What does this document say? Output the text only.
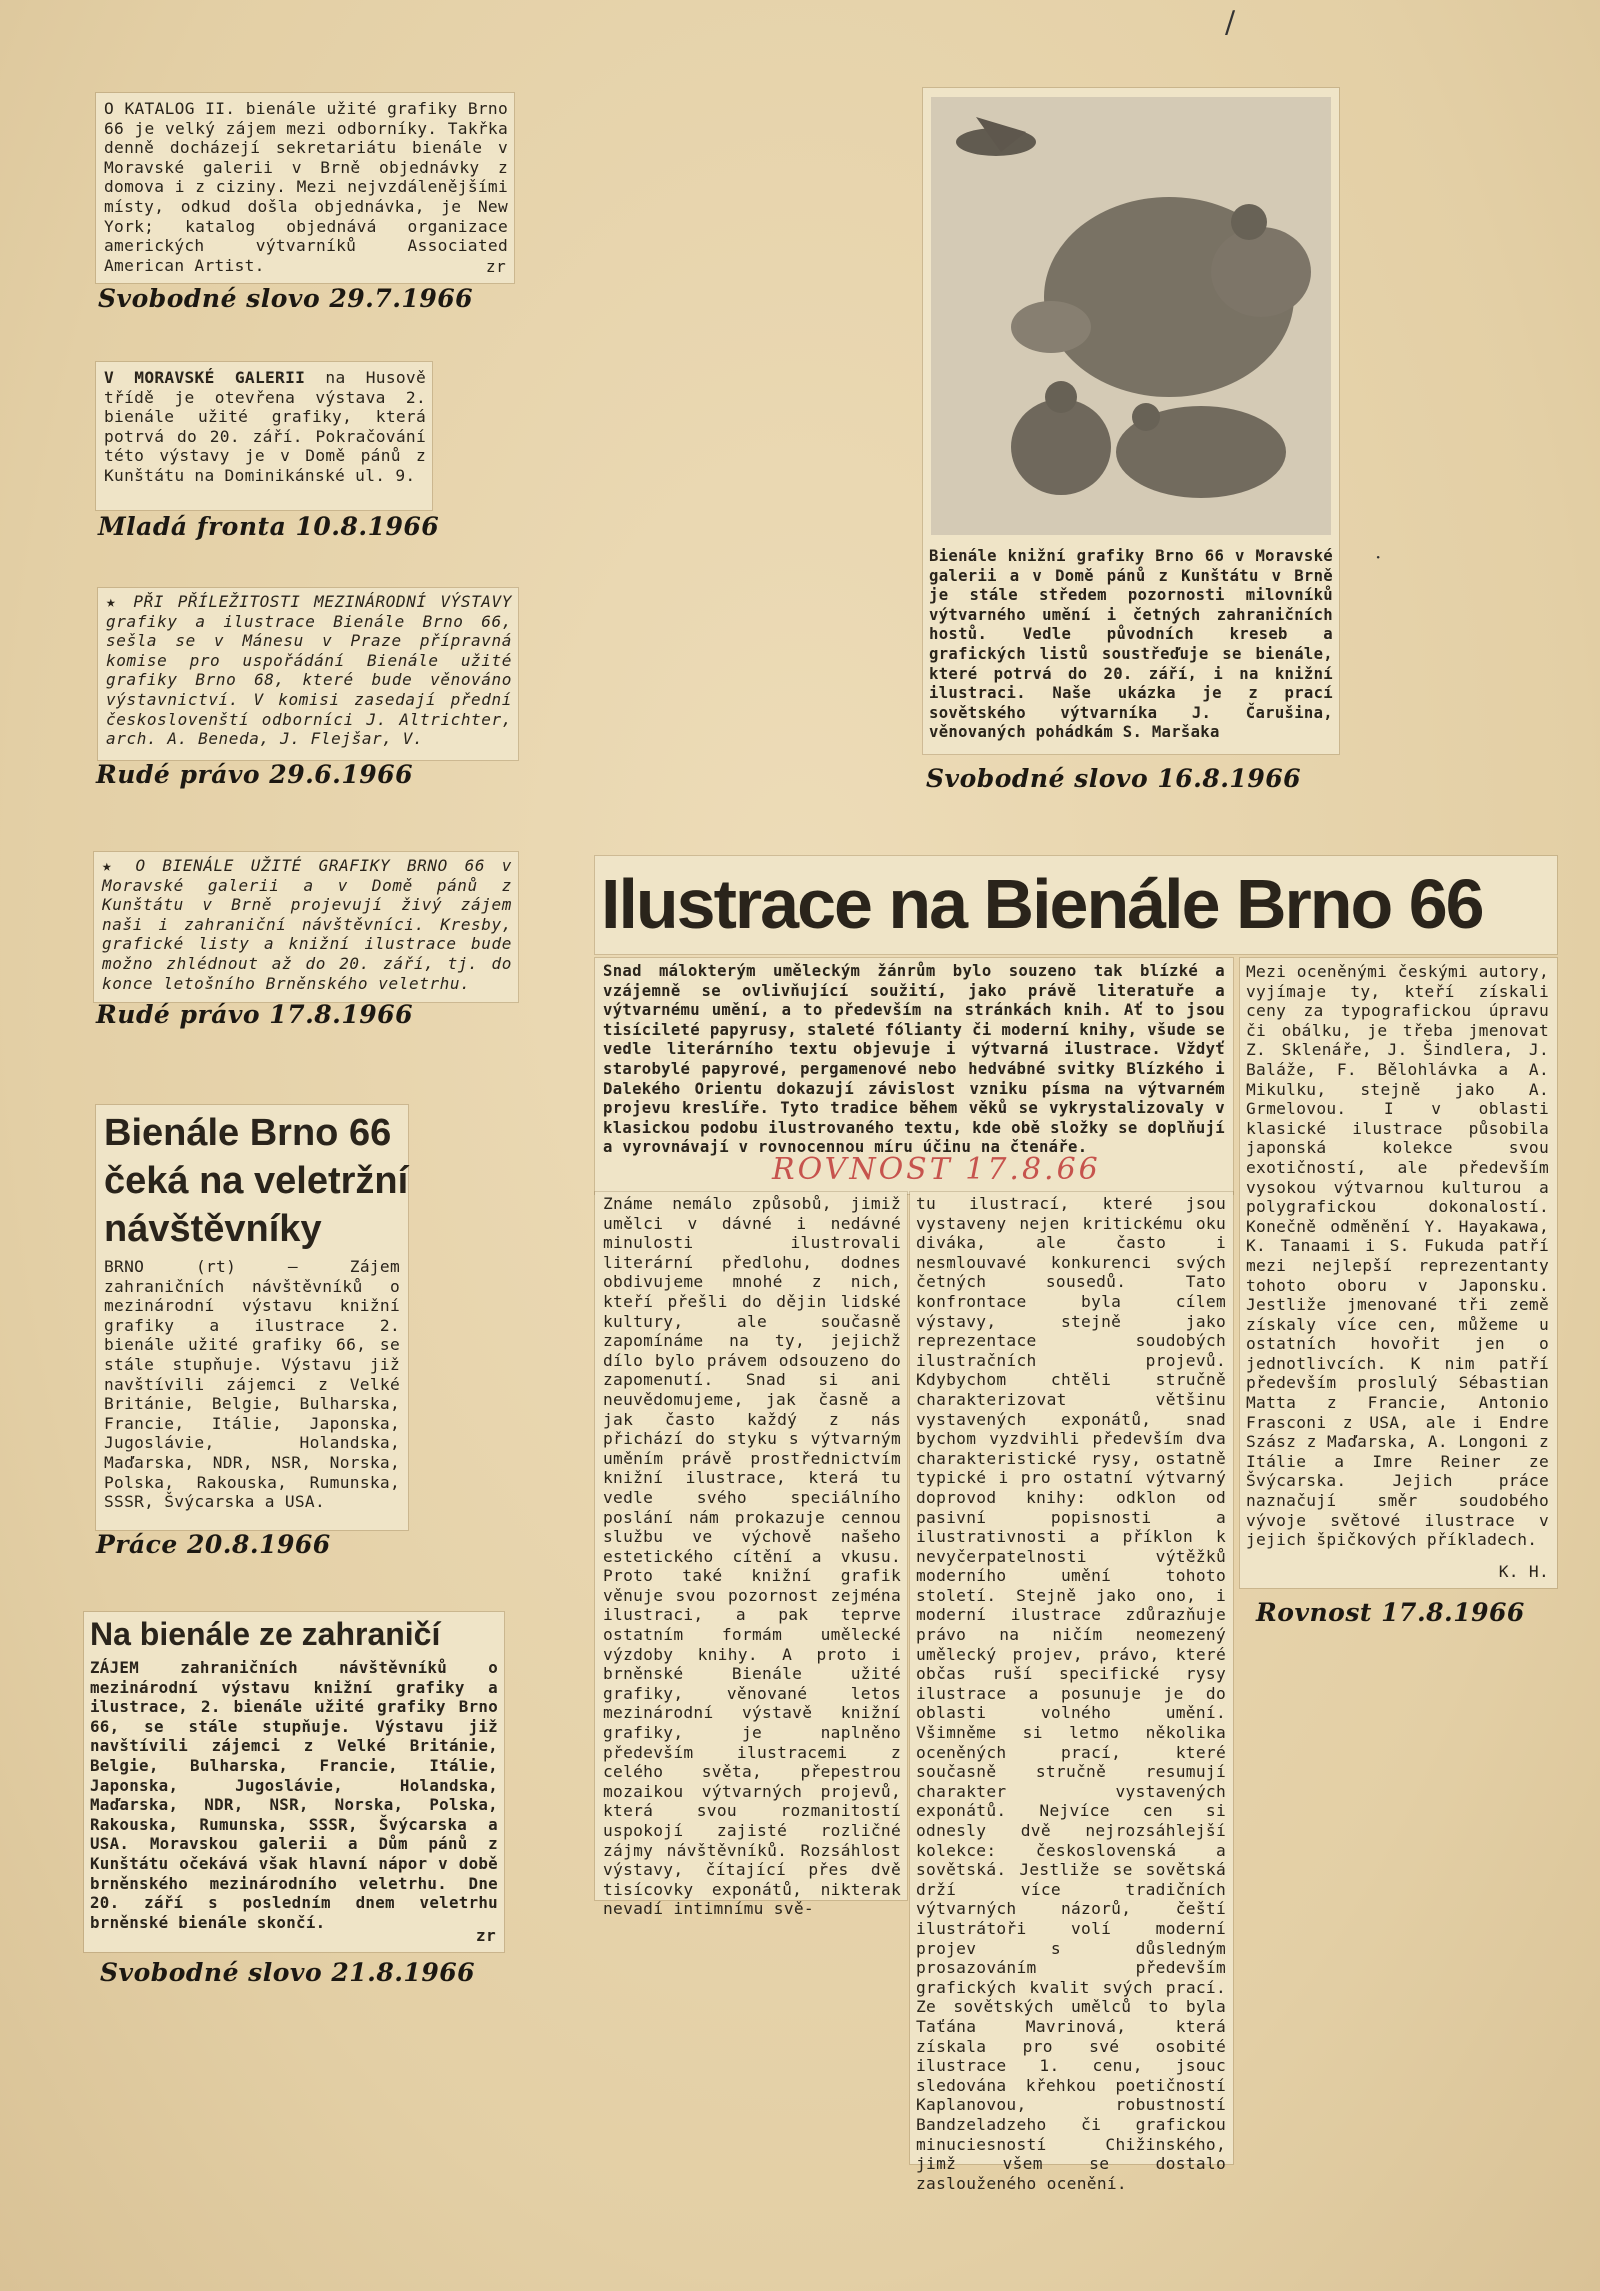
/

O KATALOG II. bienále užité grafiky Brno 66 je velký zájem mezi odborníky. Takřka denně docházejí sekretariátu bienále v Moravské galerii v Brně objednávky z domova i z ciziny. Mezi nejvzdálenějšími místy, odkud došla objednávka, je New York; katalog objednává organizace amerických výtvarníků Associated American Artist.	zr
Svobodné slovo 29.7.1966

V MORAVSKÉ GALERII na Husově třídě je otevřena výstava 2. bienále užité grafiky, která potrvá do 20. září. Pokračování této výstavy je v Domě pánů z Kunštátu na Dominikánské ul. 9.

Mladá fronta 10.8.1966

★ PŘI PŘÍLEŽITOSTI MEZINÁRODNÍ VÝSTAVY grafiky a ilustrace Bienále Brno 66, sešla se v Mánesu v Praze přípravná komise pro uspořádání Bienále užité grafiky Brno 68, které bude věnováno výstavnictví. V komisi zasedají přední českoslovenští odborníci J. Altrichter, arch. A. Beneda, J. Flejšar, V.

Rudé právo 29.6.1966

Bienále knižní grafiky Brno 66 v Moravské galerii a v Domě pánů z Kunštátu v Brně je stále středem pozornosti milovníků výtvarného umění i četných zahraničních hostů. Vedle původních kreseb a grafických listů soustřeďuje se bienále, které potrvá do 20. září, i na knižní ilustraci. Naše ukázka je z prací sovětského výtvarníka J. Čarušina, věnovaných pohádkám S. Maršaka

Svobodné slovo 16.8.1966

★ O BIENÁLE UŽITÉ GRAFIKY BRNO 66 v Moravské galerii a v Domě pánů z Kunštátu v Brně projevují živý zájem naši i zahraniční návštěvníci. Kresby, grafické listy a knižní ilustrace bude možno zhlédnout až do 20. září, tj. do konce letošního Brněnského veletrhu.

Rudé právo 17.8.1966
Bienále Brno 66
čeká na veletržní
návštěvníky

BRNO (rt) — Zájem zahraničních návštěvníků o mezinárodní výstavu knižní grafiky a ilustrace 2. bienále užité grafiky 66, se stále stupňuje. Výstavu již navštívili zájemci z Velké Británie, Belgie, Bulharska, Francie, Itálie, Japonska, Jugoslávie, Holandska, Maďarska, NDR, NSR, Norska, Polska, Rakouska, Rumunska, SSSR, Švýcarska a USA.

Práce 20.8.1966
Na bienále ze zahraničí

ZÁJEM zahraničních návštěvníků o mezinárodní výstavu knižní grafiky a ilustrace, 2. bienále užité grafiky Brno 66, se stále stupňuje. Výstavu již navštívili zájemci z Velké Británie, Belgie, Bulharska, Francie, Itálie, Japonska, Jugoslávie, Holandska, Maďarska, NDR, NSR, Norska, Polska, Rakouska, Rumunska, SSSR, Švýcarska a USA. Moravskou galerii a Dům pánů z Kunštátu očekává však hlavní nápor v době brněnského mezinárodního veletrhu. Dne 20. září s posledním dnem veletrhu brněnské bienále skončí.

zr
Svobodné slovo 21.8.1966
Ilustrace na Bienále Brno 66

Snad málokterým uměleckým žánrům bylo souzeno tak blízké a vzájemně se ovlivňující soužití, jako právě literatuře a výtvarnému umění, a to především na stránkách knih. Ať to jsou tisícileté papyrusy, staleté fólianty či moderní knihy, všude se vedle literárního textu objevuje i výtvarná ilustrace. Vždyť starobylé papyrové, pergamenové nebo hedvábné svitky Blízkého i Dalekého Orientu dokazují závislost vzniku písma na výtvarném projevu kreslíře. Tyto tradice během věků se vykrystalizovaly v klasickou podobu ilustrovaného textu, kde obě složky se doplňují a vyrovnávají v rovnocennou míru účinu na čtenáře.

ROVNOST 17.8.66

Známe nemálo způsobů, jimiž umělci v dávné i nedávné minulosti ilustrovali literární předlohu, dodnes obdivujeme mnohé z nich, kteří přešli do dějin lidské kultury, ale současně zapomínáme na ty, jejichž dílo bylo právem odsouzeno do zapomenutí. Snad si ani neuvědomujeme, jak časně a jak často každý z nás přichází do styku s výtvarným uměním právě prostřednictvím knižní ilustrace, která tu vedle svého speciálního poslání nám prokazuje cennou službu ve výchově našeho estetického cítění a vkusu. Proto také knižní grafik věnuje svou pozornost zejména ilustraci, a pak teprve ostatním formám umělecké výzdoby knihy. A proto i brněnské Bienále užité grafiky, věnované letos mezinárodní výstavě knižní grafiky, je naplněno především ilustracemi z celého světa, přepestrou mozaikou výtvarných projevů, která svou rozmanitostí uspokojí zajisté rozličné zájmy návštěvníků. Rozsáhlost výstavy, čítající přes dvě tisícovky exponátů, nikterak nevadí intimnímu svě-

tu ilustrací, které jsou vystaveny nejen kritickému oku diváka, ale často i nesmlouvavé konkurenci svých četných sousedů. Tato konfrontace byla cílem výstavy, stejně jako reprezentace soudobých ilustračních projevů. Kdybychom chtěli stručně charakterizovat většinu vystavených exponátů, snad bychom vyzdvihli především dva charakteristické rysy, ostatně typické i pro ostatní výtvarný doprovod knihy: odklon od pasivní popisnosti a ilustrativnosti a příklon k nevyčerpatelnosti výtěžků moderního umění tohoto století. Stejně jako ono, i moderní ilustrace zdůrazňuje právo na ničím neomezený umělecký projev, právo, které občas ruší specifické rysy ilustrace a posunuje je do oblasti volného umění. Všimněme si letmo několika oceněných prací, které současně stručně resumují charakter vystavených exponátů. Nejvíce cen si odnesly dvě nejrozsáhlejší kolekce: československá a sovětská. Jestliže se sovětská drží více tradičních výtvarných názorů, čeští ilustrátoři volí moderní projev s důsledným prosazováním především grafických kvalit svých prací. Ze sovětských umělců to byla Taťána Mavrinová, která získala pro své osobité ilustrace 1. cenu, jsouc sledována křehkou poetičností Kaplanovou, robustností Bandzeladzeho či grafickou minuciesností Chižinského, jimž všem se dostalo zaslouženého ocenění.

Mezi oceněnými českými autory, vyjímaje ty, kteří získali ceny za typografickou úpravu či obálku, je třeba jmenovat Z. Sklenáře, J. Šindlera, J. Baláže, F. Bělohlávka a A. Mikulku, stejně jako A. Grmelovou. I v oblasti klasické ilustrace působila japonská kolekce svou exotičností, ale především vysokou výtvarnou kulturou a polygrafickou dokonalostí. Konečně odměnění Y. Hayakawa, K. Tanaami i S. Fukuda patří mezi nejlepší reprezentanty tohoto oboru v Japonsku. Jestliže jmenované tři země získaly více cen, můžeme u ostatních hovořit jen o jednotlivcích. K nim patří především proslulý Sébastian Matta z Francie, Antonio Frasconi z USA, ale i Endre Szász z Maďarska, A. Longoni z Itálie a Imre Reiner ze Švýcarska. Jejich práce naznačují směr soudobého vývoje světové ilustrace v jejich špičkových příkladech.

K. H.
Rovnost 17.8.1966
·
